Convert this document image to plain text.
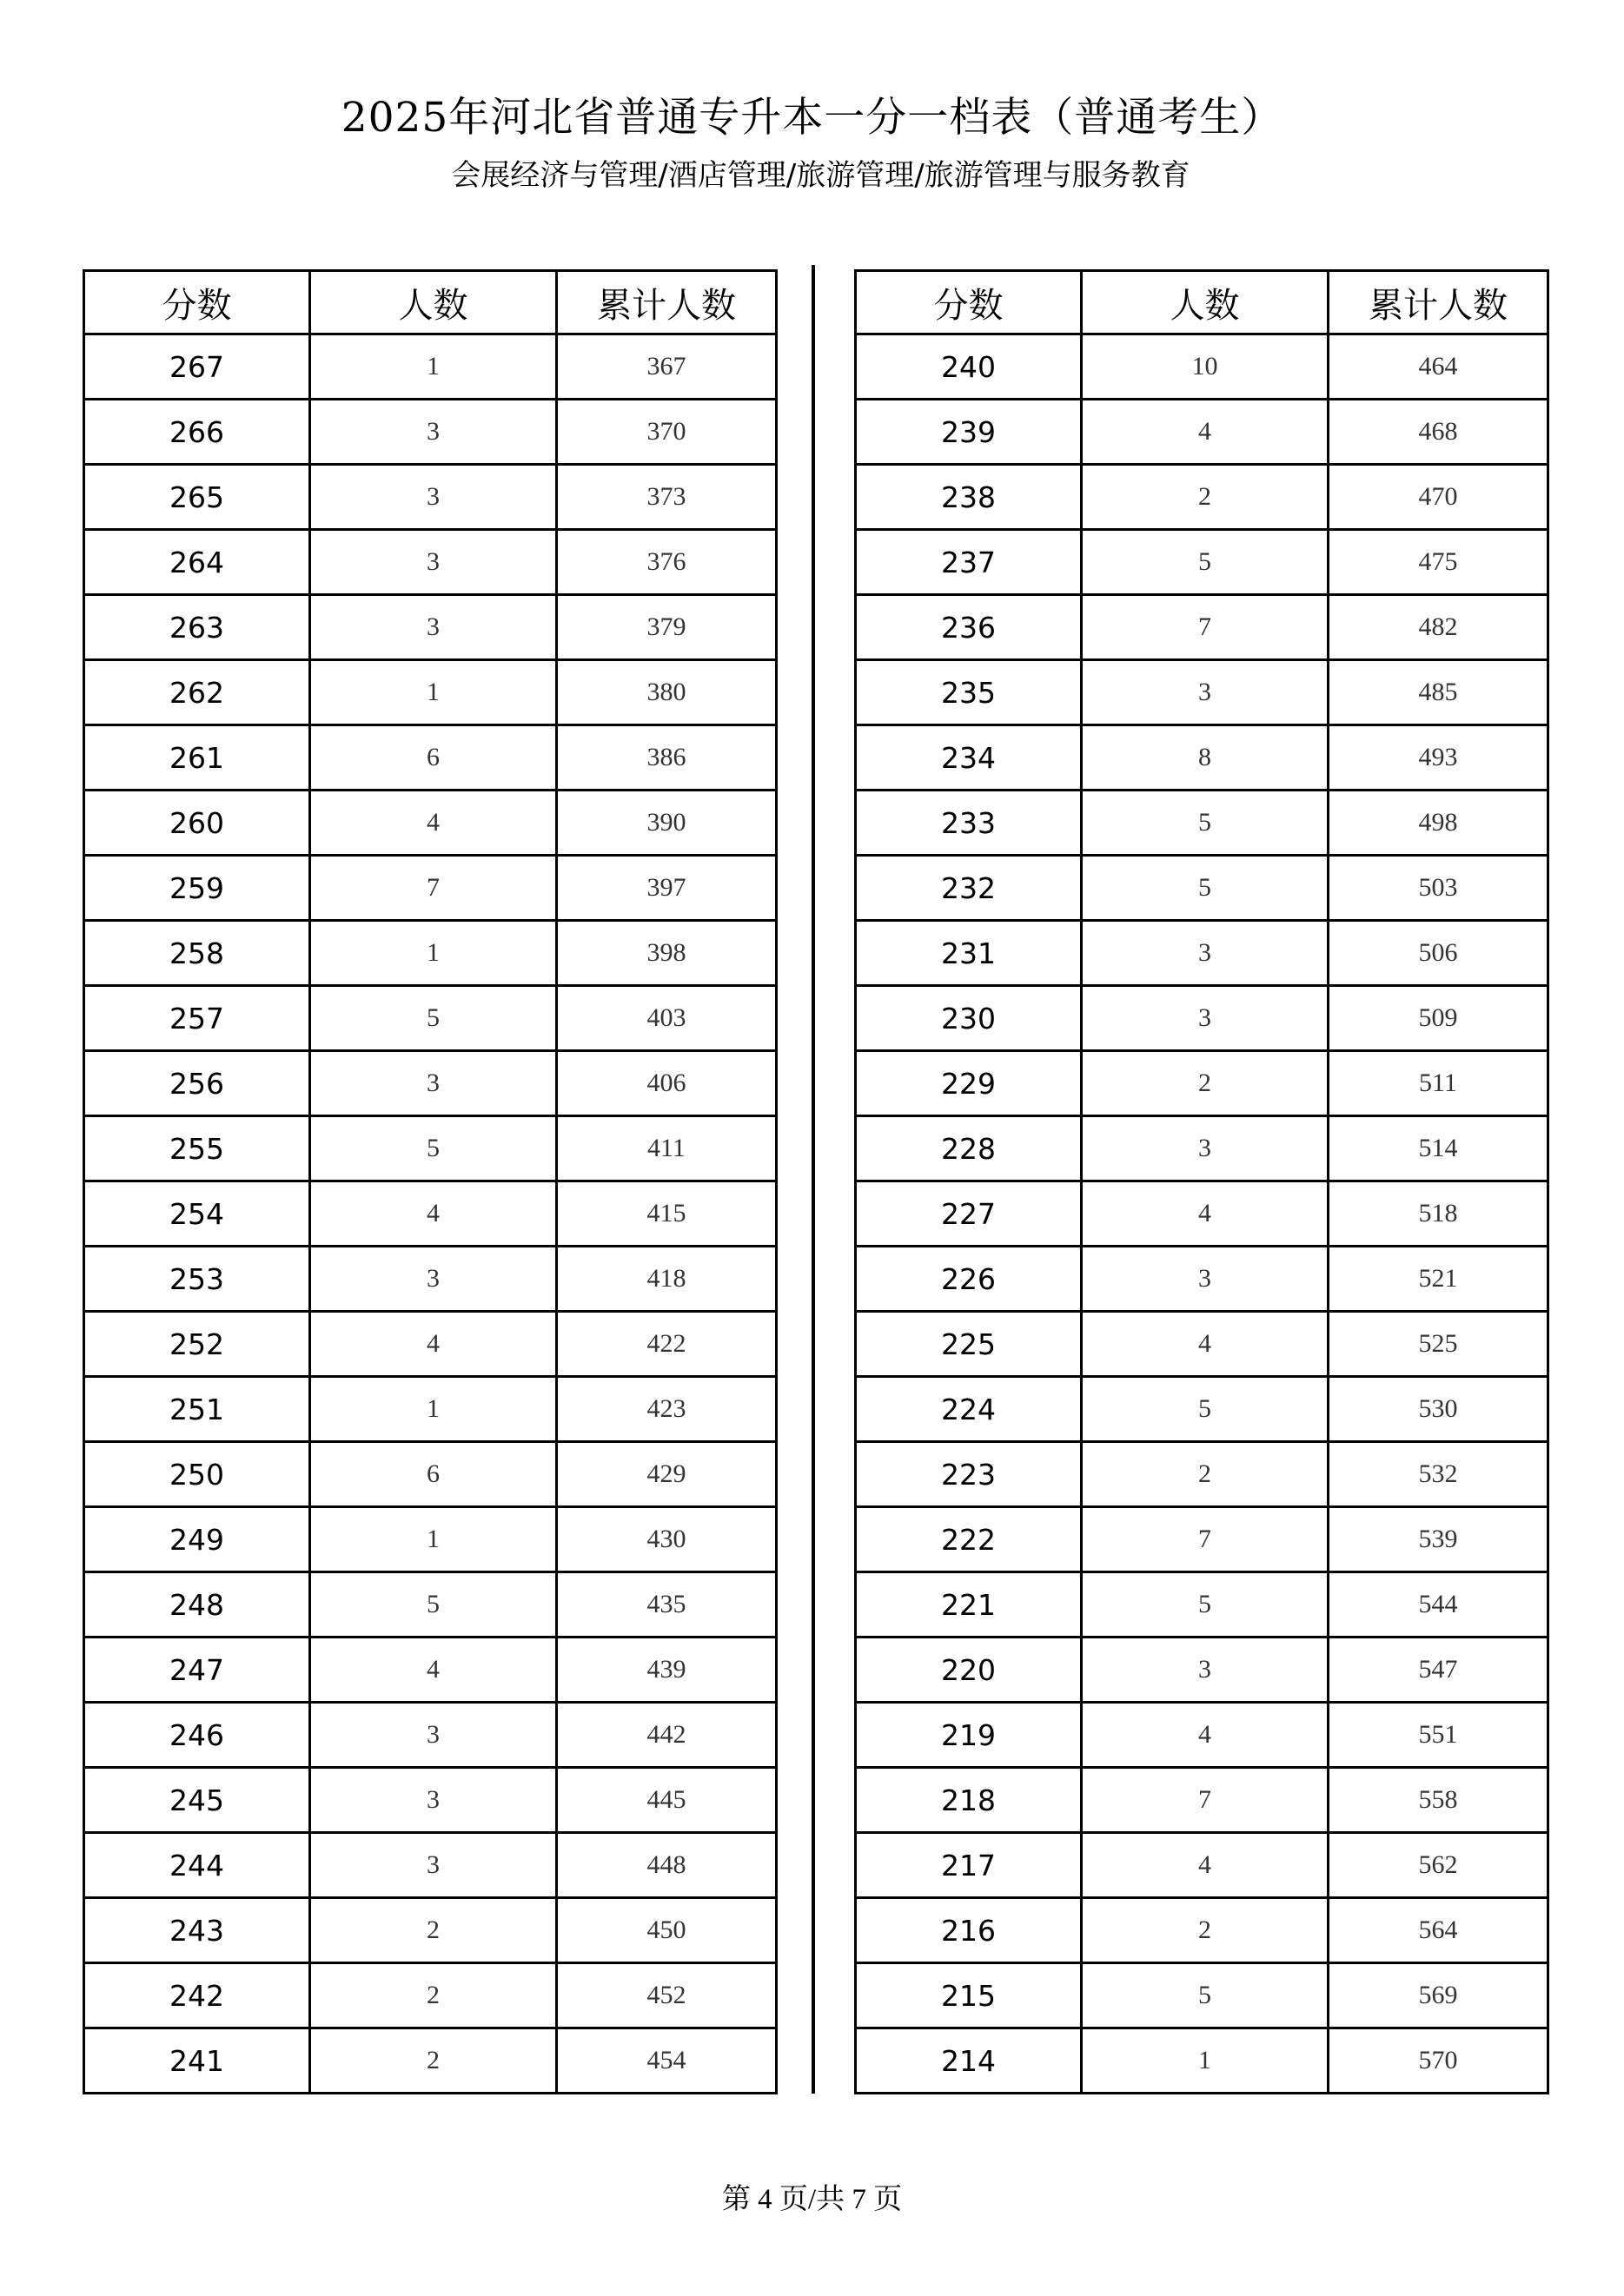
2025年河北省普通专升本一分一档表（普通考生）
会展经济与管理/酒店管理/旅游管理/旅游管理与服务教育
分数	人数	累计人数
267	1	367
266	3	370
265	3	373
264	3	376
263	3	379
262	1	380
261	6	386
260	4	390
259	7	397
258	1	398
257	5	403
256	3	406
255	5	411
254	4	415
253	3	418
252	4	422
251	1	423
250	6	429
249	1	430
248	5	435
247	4	439
246	3	442
245	3	445
244	3	448
243	2	450
242	2	452
241	2	454
分数	人数	累计人数
240	10	464
239	4	468
238	2	470
237	5	475
236	7	482
235	3	485
234	8	493
233	5	498
232	5	503
231	3	506
230	3	509
229	2	511
228	3	514
227	4	518
226	3	521
225	4	525
224	5	530
223	2	532
222	7	539
221	5	544
220	3	547
219	4	551
218	7	558
217	4	562
216	2	564
215	5	569
214	1	570
第 4 页/共 7 页
